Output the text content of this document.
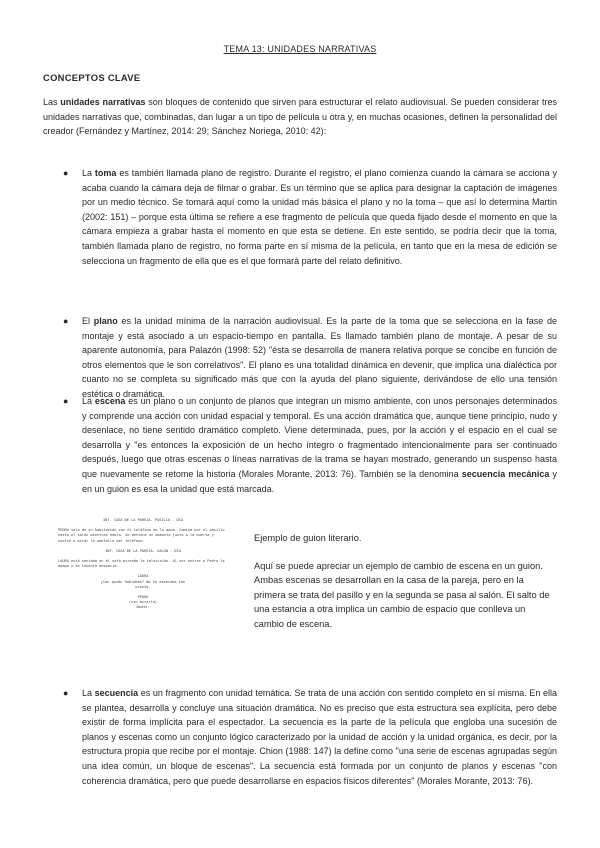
TEMA 13: UNIDADES NARRATIVAS
CONCEPTOS CLAVE
Las unidades narrativas son bloques de contenido que sirven para estructurar el relato audiovisual. Se pueden considerar tres unidades narrativas que, combinadas, dan lugar a un tipo de película u otra y, en muchas ocasiones, definen la personalidad del creador (Fernández y Martínez, 2014: 29; Sánchez Noriega, 2010: 42):
● La toma es también llamada plano de registro. Durante el registro, el plano comienza cuando la cámara se acciona y acaba cuando la cámara deja de filmar o grabar. Es un término que se aplica para designar la captación de imágenes por un medio técnico. Se tomará aquí como la unidad más básica el plano y no la toma – que así lo determina Martin (2002: 151) – porque esta última se refiere a ese fragmento de película que queda fijado desde el momento en que la cámara empieza a grabar hasta el momento en que esta se detiene. En este sentido, se podría decir que la toma, también llamada plano de registro, no forma parte en sí misma de la película, en tanto que en la mesa de edición se selecciona un fragmento de ella que es el que formará parte del relato definitivo.
● El plano es la unidad mínima de la narración audiovisual. Es la parte de la toma que se selecciona en la fase de montaje y está asociado a un espacio-tiempo en pantalla. Es llamado también plano de montaje. A pesar de su aparente autonomía, para Palazón (1998: 52) "ésta se desarrolla de manera relativa porque se concibe en función de otros elementos que le son correlativos". El plano es una totalidad dinámica en devenir, que implica una dialéctica por cuanto no se completa su significado más que con la ayuda del plano siguiente, derivándose de ello una tensión estética o dramática.
● La escena es un plano o un conjunto de planos que integran un mismo ambiente, con unos personajes determinados y comprende una acción con unidad espacial y temporal. Es una acción dramática que, aunque tiene principio, nudo y desenlace, no tiene sentido dramático completo. Viene determinada, pues, por la acción y el espacio en el cual se desarrolla y "es entonces la exposición de un hecho íntegro o fragmentado intencionalmente para ser continuado después, luego que otras escenas o líneas narrativas de la trama se hayan mostrado, generando un suspenso hasta que nuevamente se retome la historia (Morales Morante, 2013: 76). También se la denomina secuencia mecánica y en un guion es esa la unidad que está marcada.
INT. CASA DE LA PAREJA. PASILLO - DÍA
PEDRO sale de su habitación con el teléfono en la mano. Camina por el pasillo hasta el salón mientras habla. Se detiene un momento junto a la puerta y vuelve a mirar la pantalla del teléfono.
INT. CASA DE LA PAREJA. SALÓN - DÍA
LAURA está sentada en el sofá mirando la televisión. Al ver entrar a Pedro la apaga y se levanta despacio.
LAURA
¿Con quién hablabas? No te esperaba tan pronto.
PEDRO
(sin mirarla)
Nadie.
Ejemplo de guion literario.
Aquí se puede apreciar un ejemplo de cambio de escena en un guion. Ambas escenas se desarrollan en la casa de la pareja, pero en la primera se trata del pasillo y en la segunda se pasa al salón. El salto de una estancia a otra implica un cambio de espacio que conlleva un cambio de escena.
● La secuencia es un fragmento con unidad temática. Se trata de una acción con sentido completo en sí misma. En ella se plantea, desarrolla y concluye una situación dramática. No es preciso que esta estructura sea explícita, pero debe existir de forma implícita para el espectador. La secuencia es la parte de la película que engloba una sucesión de planos y escenas como un conjunto lógico caracterizado por la unidad de acción y la unidad orgánica, es decir, por la estructura propia que recibe por el montaje. Chion (1988: 147) la define como "una serie de escenas agrupadas según una idea común, un bloque de escenas". La secuencia está formada por un conjunto de planos y escenas "con coherencia dramática, pero que puede desarrollarse en espacios físicos diferentes" (Morales Morante, 2013: 76).
